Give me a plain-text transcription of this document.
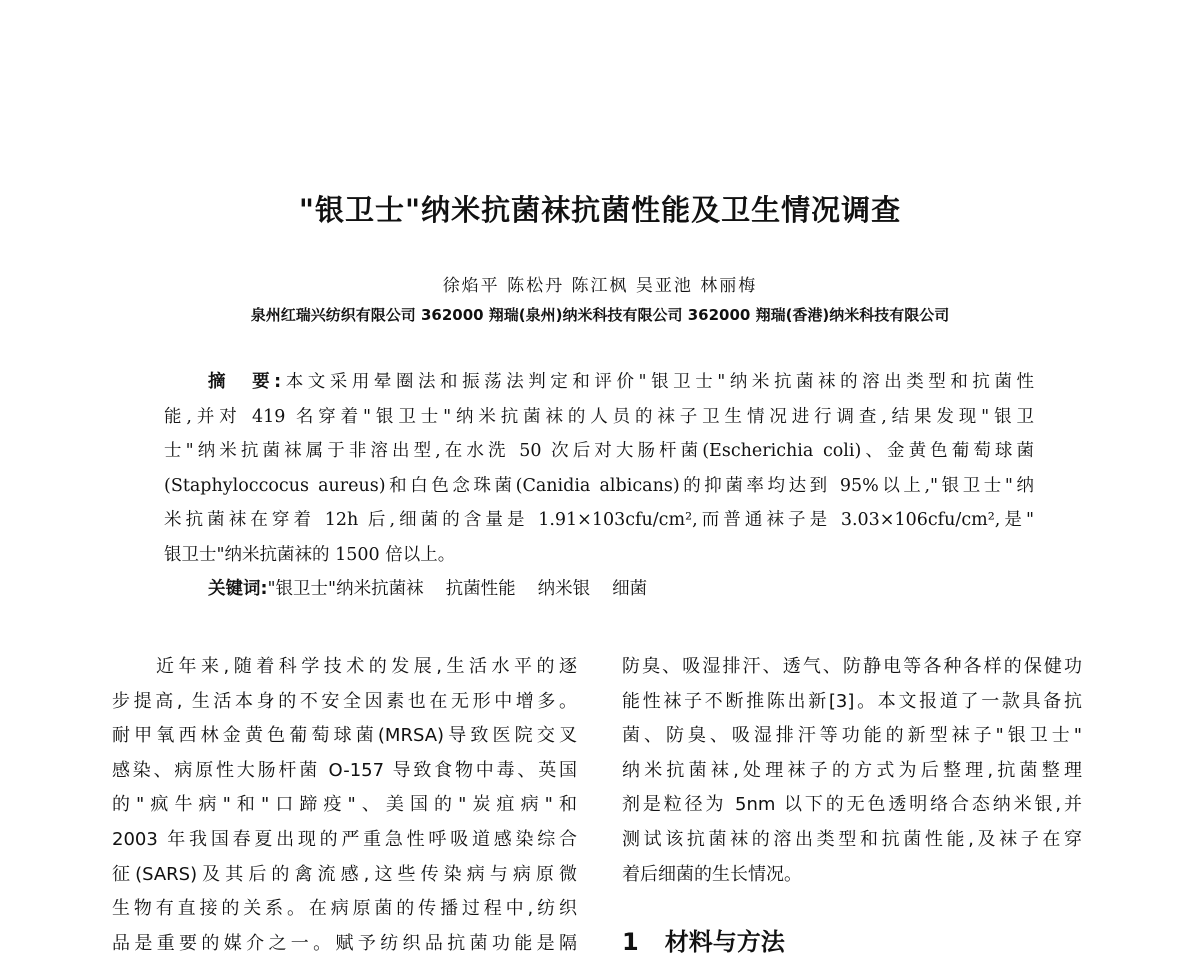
"银卫士"纳米抗菌袜抗菌性能及卫生情况调查
徐焰平 陈松丹 陈江枫 吴亚池 林丽梅
泉州红瑞兴纺织有限公司 362000 翔瑞(泉州)纳米科技有限公司 362000 翔瑞(香港)纳米科技有限公司
摘　要:本文采用晕圈法和振荡法判定和评价"银卫士"纳米抗菌袜的溶出类型和抗菌性
能,并对 419 名穿着"银卫士"纳米抗菌袜的人员的袜子卫生情况进行调查,结果发现"银卫
士"纳米抗菌袜属于非溶出型,在水洗 50 次后对大肠杆菌(Escherichia coli)、金黄色葡萄球菌
(Staphyloccocus aureus)和白色念珠菌(Canidia albicans)的抑菌率均达到 95%以上,"银卫士"纳
米抗菌袜在穿着 12h 后,细菌的含量是 1.91×103cfu/cm²,而普通袜子是 3.03×106cfu/cm²,是"
银卫士"纳米抗菌袜的 1500 倍以上。
关键词:"银卫士"纳米抗菌袜 抗菌性能 纳米银 细菌
近年来,随着科学技术的发展,生活水平的逐
步提高, 生活本身的不安全因素也在无形中增多。
耐甲氧西林金黄色葡萄球菌(MRSA)导致医院交叉
感染、病原性大肠杆菌 O-157 导致食物中毒、英国
的"疯牛病"和"口蹄疫"、美国的"炭疽病"和
2003 年我国春夏出现的严重急性呼吸道感染综合
征(SARS)及其后的禽流感,这些传染病与病原微
生物有直接的关系。在病原菌的传播过程中,纺织
品是重要的媒介之一。赋予纺织品抗菌功能是隔
防臭、吸湿排汗、透气、防静电等各种各样的保健功
能性袜子不断推陈出新[3]。本文报道了一款具备抗
菌、防臭、吸湿排汗等功能的新型袜子"银卫士"
纳米抗菌袜,处理袜子的方式为后整理,抗菌整理
剂是粒径为 5nm 以下的无色透明络合态纳米银,并
测试该抗菌袜的溶出类型和抗菌性能,及袜子在穿
着后细菌的生长情况。
1 材料与方法
